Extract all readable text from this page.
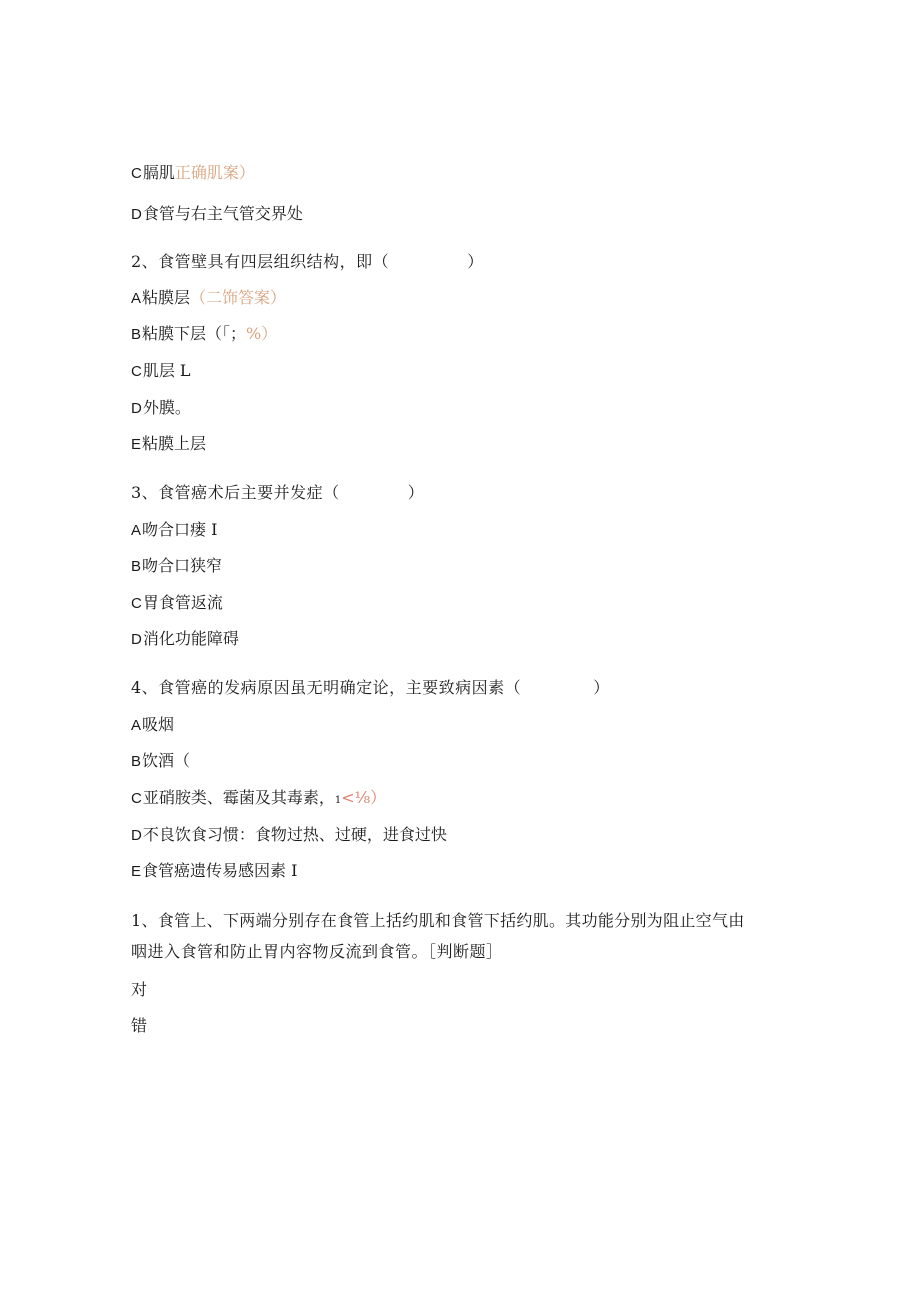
C膈肌正确肌案）
D食管与右主气管交界处
2、食管壁具有四层组织结构，即（	）
A粘膜层（二饰答案）
B粘膜下层（「；%）
C肌层 L
D外膜。
E粘膜上层
3、食管癌术后主要并发症（	）
A吻合口瘘 I
B吻合口狭窄
C胃食管返流
D消化功能障碍
4、食管癌的发病原因虽无明确定论，主要致病因素（	）
A吸烟
B饮酒（
C亚硝胺类、霉菌及其毒素，1<⅛）
D不良饮食习惯：食物过热、过硬，进食过快
E食管癌遗传易感因素 I
1、食管上、下两端分别存在食管上括约肌和食管下括约肌。其功能分别为阻止空气由
咽进入食管和防止胃内容物反流到食管。［判断题］
对
错
